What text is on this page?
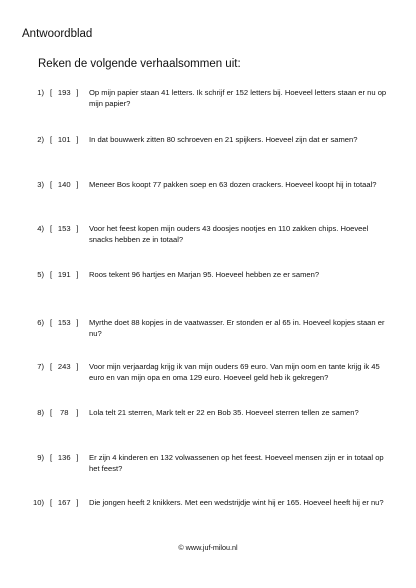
Antwoordblad
Reken de volgende verhaalsommen uit:
1) [ 193 ] Op mijn papier staan 41 letters. Ik schrijf er 152 letters bij. Hoeveel letters staan er nu op mijn papier?
2) [ 101 ] In dat bouwwerk zitten 80 schroeven en 21 spijkers. Hoeveel zijn dat er samen?
3) [ 140 ] Meneer Bos koopt 77 pakken soep en 63 dozen crackers. Hoeveel koopt hij in totaal?
4) [ 153 ] Voor het feest kopen mijn ouders 43 doosjes nootjes en 110 zakken chips. Hoeveel snacks hebben ze in totaal?
5) [ 191 ] Roos tekent 96 hartjes en Marjan 95. Hoeveel hebben ze er samen?
6) [ 153 ] Myrthe doet 88 kopjes in de vaatwasser. Er stonden er al 65 in. Hoeveel kopjes staan er nu?
7) [ 243 ] Voor mijn verjaardag krijg ik van mijn ouders 69 euro. Van mijn oom en tante krijg ik 45 euro en van mijn opa en oma 129 euro. Hoeveel geld heb ik gekregen?
8) [ 78 ] Lola telt 21 sterren, Mark telt er 22 en Bob 35. Hoeveel sterren tellen ze samen?
9) [ 136 ] Er zijn 4 kinderen en 132 volwassenen op het feest. Hoeveel mensen zijn er in totaal op het feest?
10) [ 167 ] Die jongen heeft 2 knikkers. Met een wedstrijdje wint hij er 165. Hoeveel heeft hij er nu?
© www.juf-milou.nl
